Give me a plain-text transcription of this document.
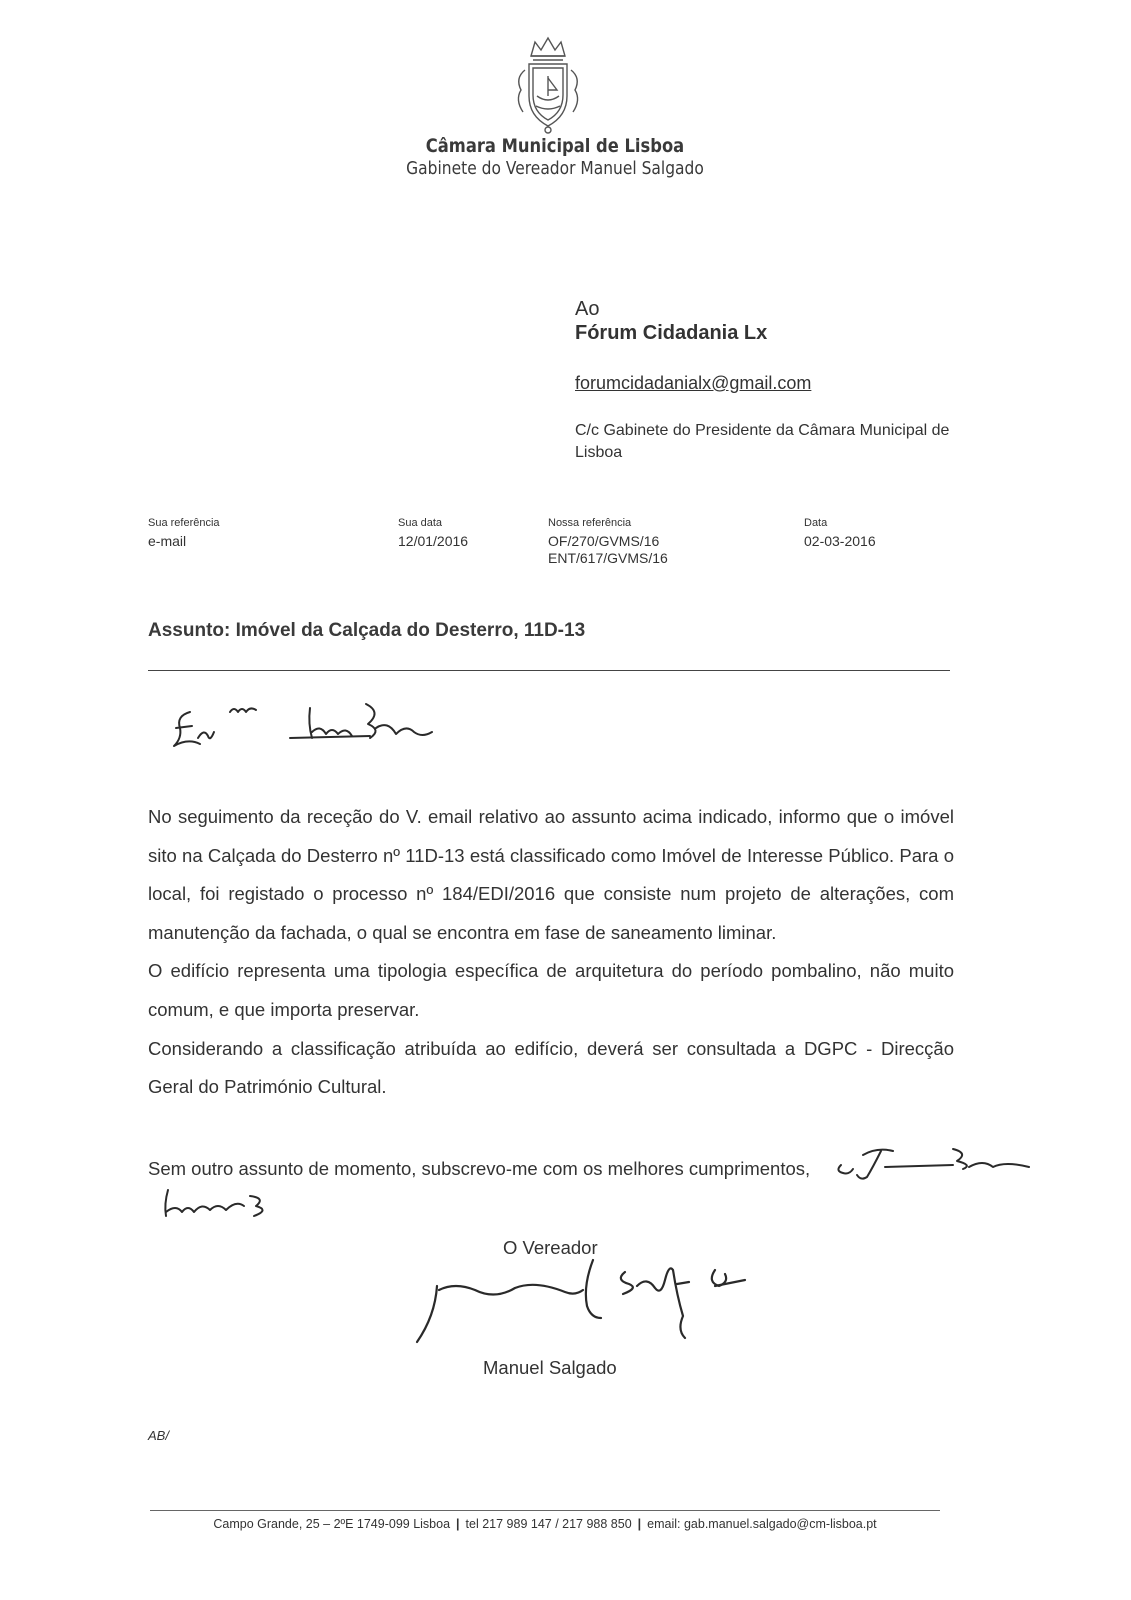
Câmara Municipal de Lisboa
Gabinete do Vereador Manuel Salgado
Ao
Fórum Cidadania Lx
forumcidadanialx@gmail.com
C/c Gabinete do Presidente da Câmara Municipal de Lisboa
Sua referência
e-mail
Sua data
12/01/2016
Nossa referência
OF/270/GVMS/16
ENT/617/GVMS/16
Data
02-03-2016
Assunto: Imóvel da Calçada do Desterro, 11D-13

No seguimento da receção do V. email relativo ao assunto acima indicado, informo que o imóvel sito na Calçada do Desterro nº 11D-13 está classificado como Imóvel de Interesse Público. Para o local, foi registado o processo nº 184/EDI/2016 que consiste num projeto de alterações, com manutenção da fachada, o qual se encontra em fase de saneamento liminar.

O edifício representa uma tipologia específica de arquitetura do período pombalino, não muito comum, e que importa preservar.

Considerando a classificação atribuída ao edifício, deverá ser consultada a DGPC - Direcção Geral do Património Cultural.

Sem outro assunto de momento, subscrevo-me com os melhores cumprimentos,
O Vereador
Manuel Salgado
AB/
Campo Grande, 25 – 2ºE 1749-099 Lisboa | tel 217 989 147 / 217 988 850 | email: gab.manuel.salgado@cm-lisboa.pt
